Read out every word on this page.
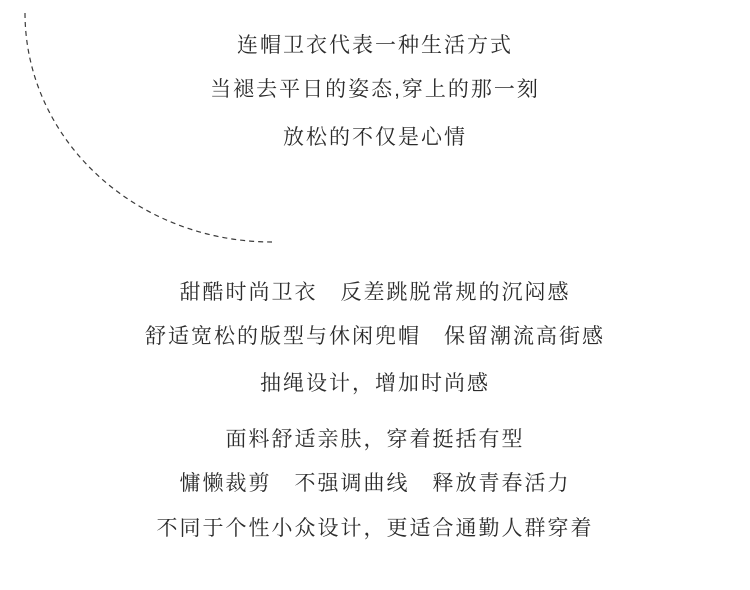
连帽卫衣代表一种生活方式

当褪去平日的姿态,穿上的那一刻

放松的不仅是心情

甜酷时尚卫衣　反差跳脱常规的沉闷感

舒适宽松的版型与休闲兜帽　保留潮流高街感

抽绳设计，增加时尚感

面料舒适亲肤，穿着挺括有型

慵懒裁剪　不强调曲线　释放青春活力

不同于个性小众设计，更适合通勤人群穿着
